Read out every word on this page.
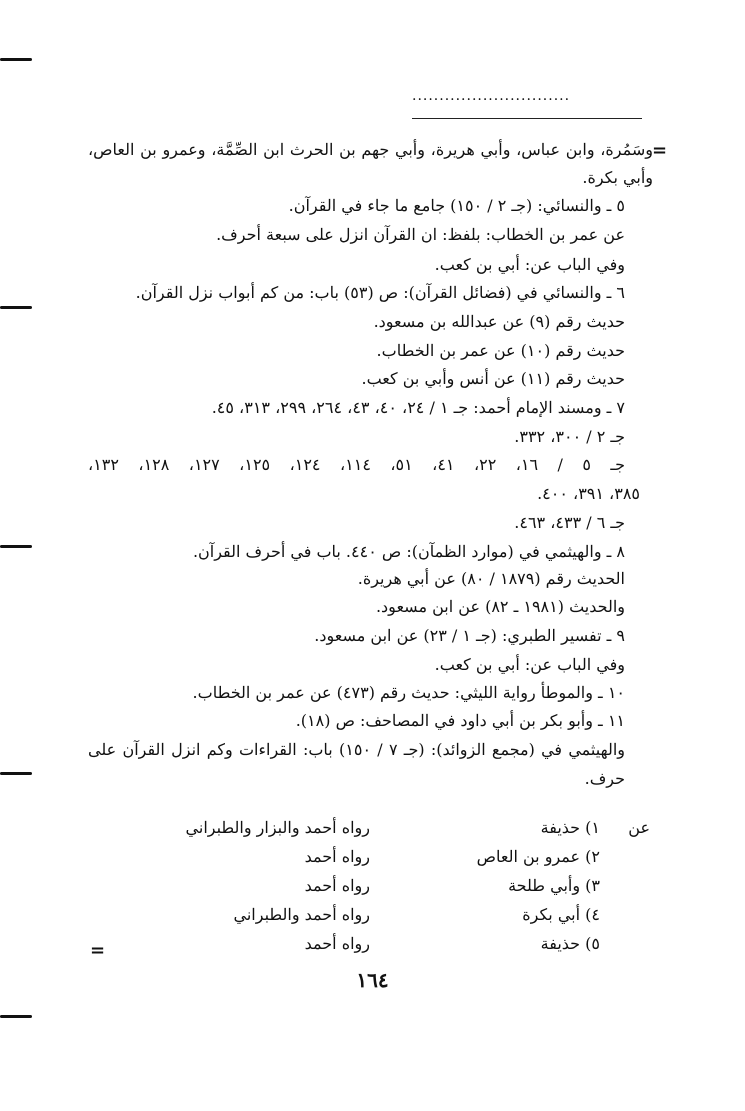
.............................
=
وسَمُرة، وابن عباس، وأبي هريرة، وأبي جهم بن الحرث ابن الصِّمَّة، وعمرو بن العاص،
وأبي بكرة.
٥ ـ والنسائي: (جـ ٢ / ١٥٠) جامع ما جاء في القرآن.
عن عمر بن الخطاب: بلفظ: ان القرآن انزل على سبعة أحرف.
وفي الباب عن: أبي بن كعب.
٦ ـ والنسائي في (فضائل القرآن): ص (٥٣) باب: من كم أبواب نزل القرآن.
حديث رقم (٩) عن عبدالله بن مسعود.
حديث رقم (١٠) عن عمر بن الخطاب.
حديث رقم (١١) عن أنس وأبي بن كعب.
٧ ـ ومسند الإمام أحمد: جـ ١ / ٢٤، ٤٠، ٤٣، ٢٦٤، ٢٩٩، ٣١٣، ٤٥.
جـ ٢ / ٣٠٠، ٣٣٢.
جـ ٥ / ١٦، ٢٢، ٤١، ٥١، ١١٤، ١٢٤، ١٢٥، ١٢٧، ١٢٨، ١٣٢،
٣٨٥، ٣٩١، ٤٠٠.
جـ ٦ / ٤٣٣، ٤٦٣.
٨ ـ والهيثمي في (موارد الظمآن): ص ٤٤٠. باب في أحرف القرآن.
الحديث رقم (١٨٧٩ / ٨٠) عن أبي هريرة.
والحديث (١٩٨١ ـ ٨٢) عن ابن مسعود.
٩ ـ تفسير الطبري: (جـ ١ / ٢٣) عن ابن مسعود.
وفي الباب عن: أبي بن كعب.
١٠ ـ والموطأ رواية الليثي: حديث رقم (٤٧٣) عن عمر بن الخطاب.
١١ ـ وأبو بكر بن أبي داود في المصاحف: ص (١٨).
والهيثمي في (مجمع الزوائد): (جـ ٧ / ١٥٠) باب: القراءات وكم انزل القرآن على
حرف.
عن
١) حذيفة
رواه أحمد والبزار والطبراني
٢) عمرو بن العاص
رواه أحمد
٣) وأبي طلحة
رواه أحمد
٤) أبي بكرة
رواه أحمد والطبراني
٥) حذيفة
رواه أحمد
=
١٦٤
